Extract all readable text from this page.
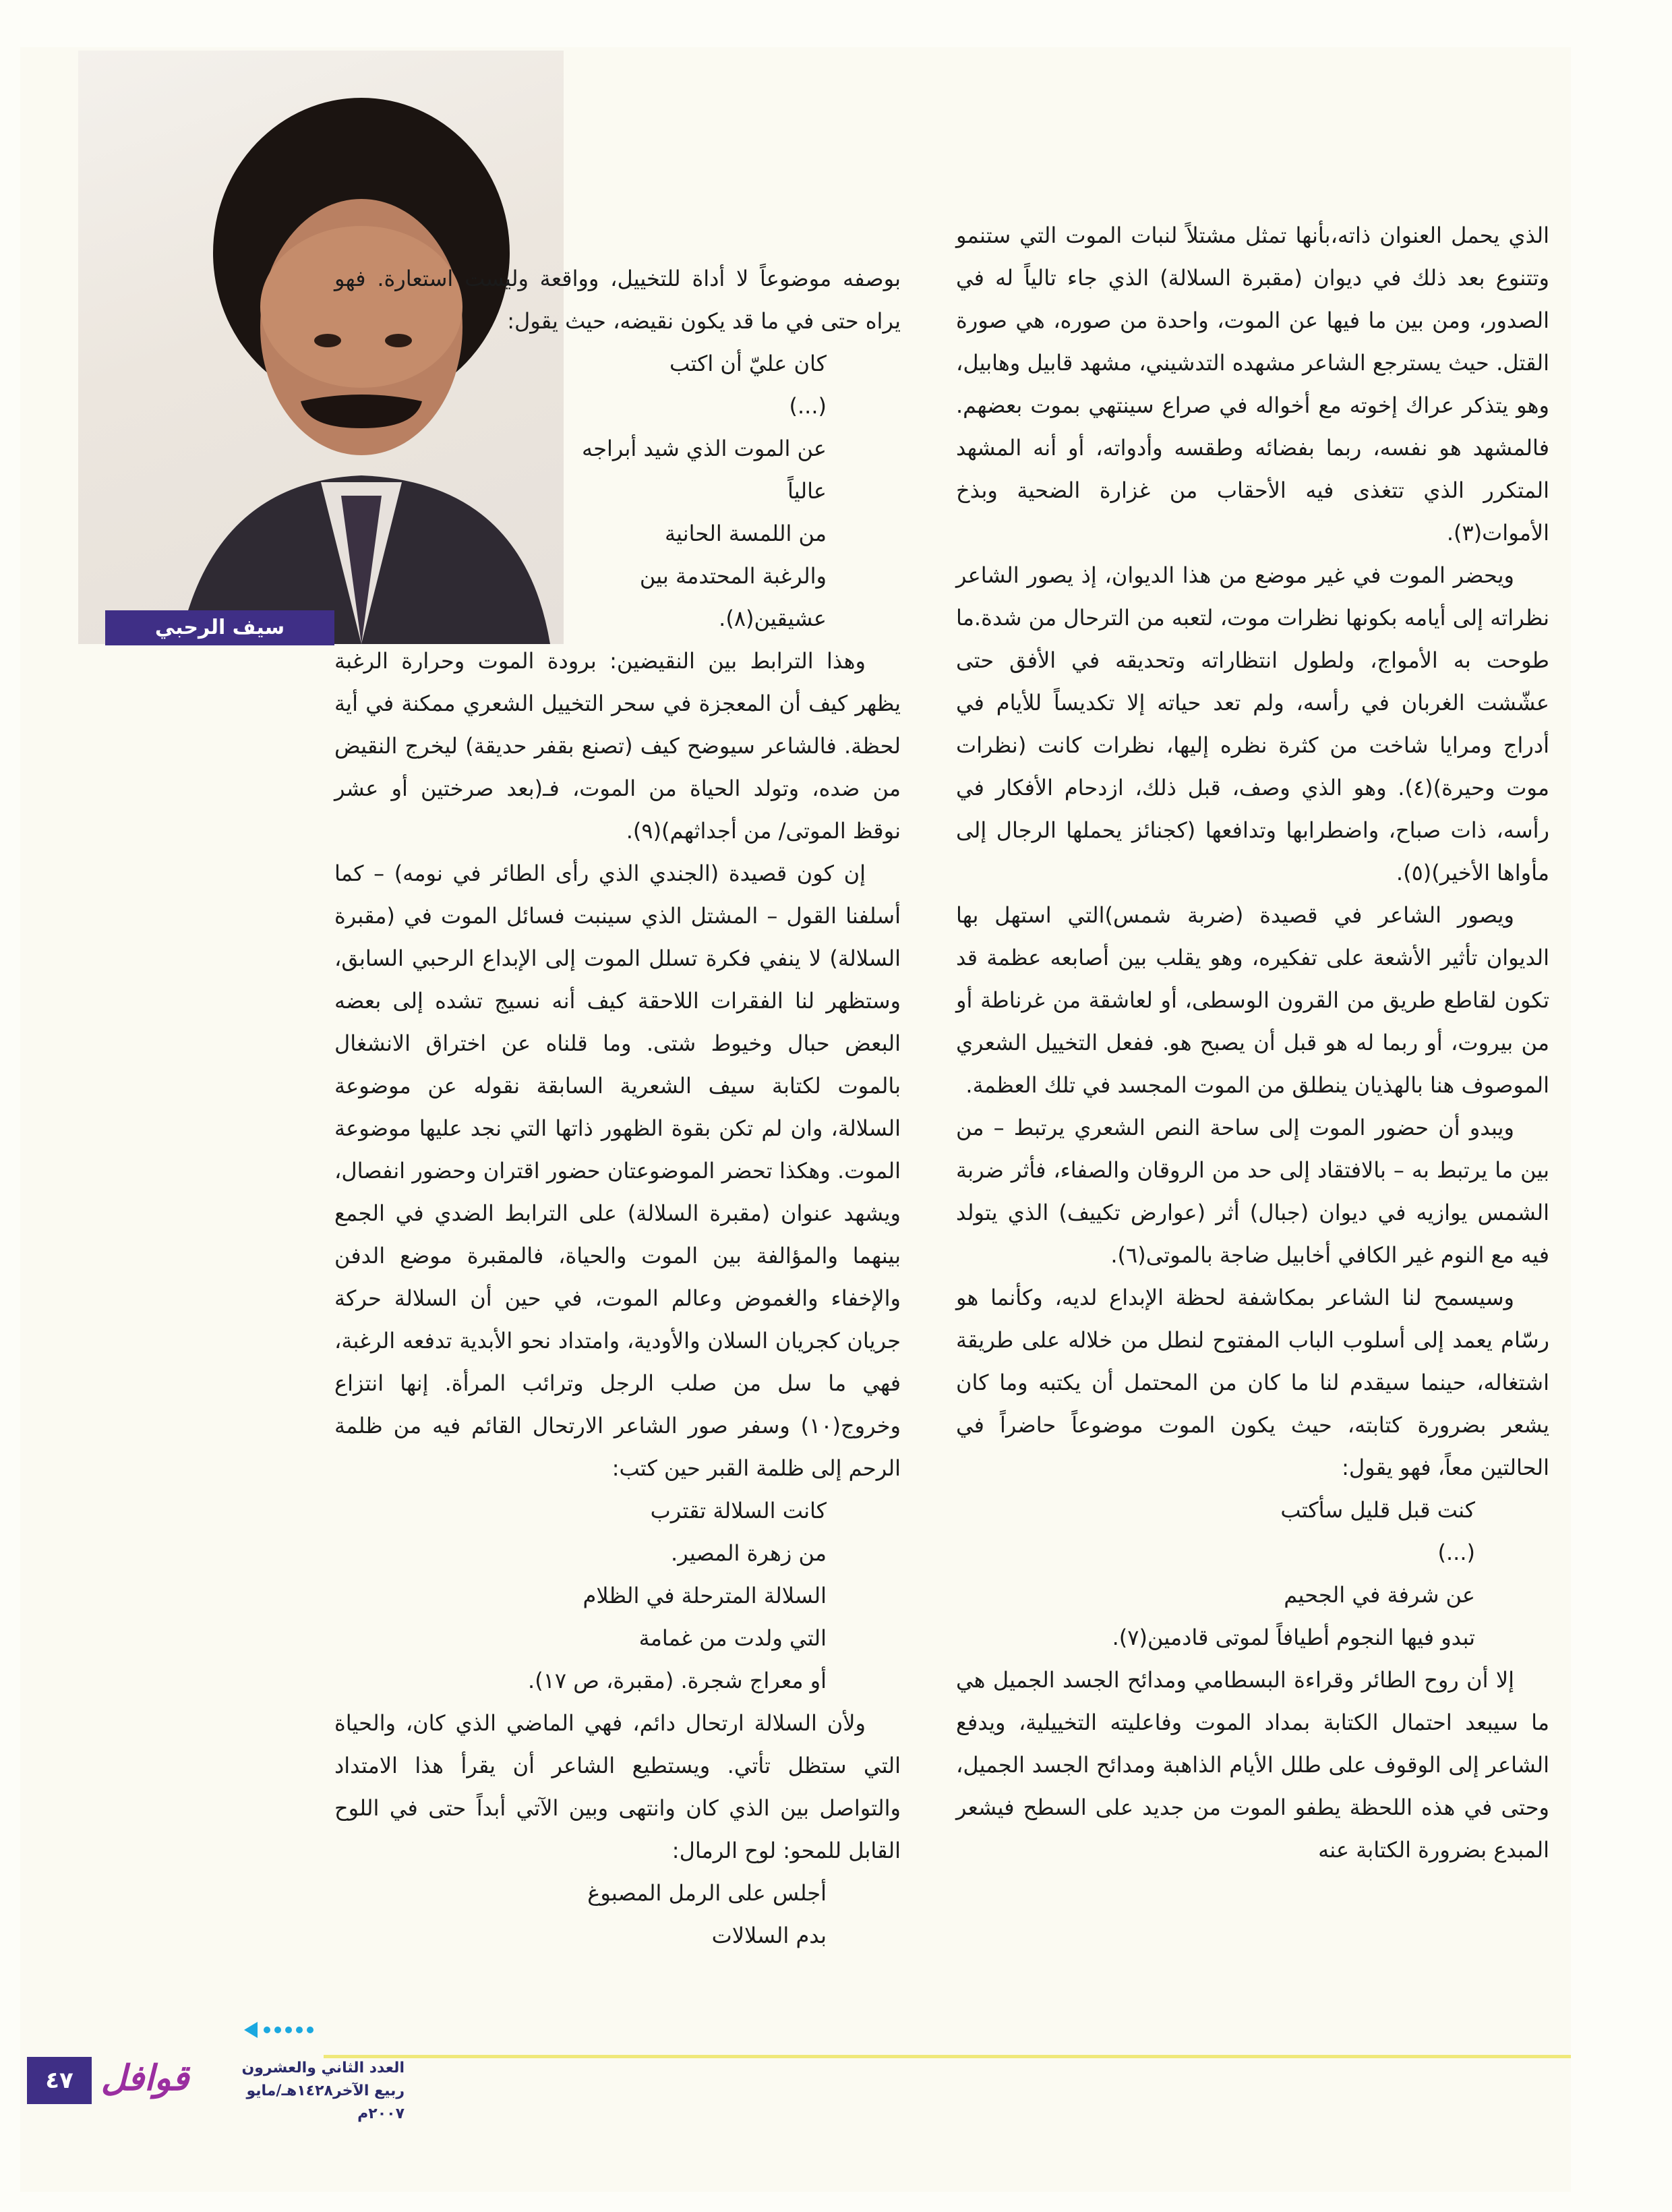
سيف الرحبي

الذي يحمل العنوان ذاته،بأنها تمثل مشتلاً لنبات الموت التي ستنمو وتتنوع بعد ذلك في ديوان (مقبرة السلالة) الذي جاء تالياً له في الصدور، ومن بين ما فيها عن الموت، واحدة من صوره، هي صورة القتل. حيث يسترجع الشاعر مشهده التدشيني، مشهد قابيل وهابيل، وهو يتذكر عراك إخوته مع أخواله في صراع سينتهي بموت بعضهم. فالمشهد هو نفسه، ربما بفضائه وطقسه وأدواته، أو أنه المشهد المتكرر الذي تتغذى فيه الأحقاب من غزارة الضحية وبذخ الأموات(٣).

ويحضر الموت في غير موضع من هذا الديوان، إذ يصور الشاعر نظراته إلى أيامه بكونها نظرات موت، لتعبه من الترحال من شدة.ما طوحت به الأمواج، ولطول انتظاراته وتحديقه في الأفق حتى عشّشت الغربان في رأسه، ولم تعد حياته إلا تكديساً للأيام في أدراج ومرايا شاخت من كثرة نظره إليها، نظرات كانت (نظرات موت وحيرة)(٤). وهو الذي وصف، قبل ذلك، ازدحام الأفكار في رأسه، ذات صباح، واضطرابها وتدافعها (كجنائز يحملها الرجال إلى مأواها الأخير)(٥).

ويصور الشاعر في قصيدة (ضربة شمس)التي استهل بها الديوان تأثير الأشعة على تفكيره، وهو يقلب بين أصابعه عظمة قد تكون لقاطع طريق من القرون الوسطى، أو لعاشقة من غرناطة أو من بيروت، أو ربما له هو قبل أن يصبح هو. ففعل التخييل الشعري الموصوف هنا بالهذيان ينطلق من الموت المجسد في تلك العظمة.

ويبدو أن حضور الموت إلى ساحة النص الشعري يرتبط – من بين ما يرتبط به – بالافتقاد إلى حد من الروقان والصفاء، فأثر ضربة الشمس يوازيه في ديوان (جبال) أثر (عوارض تكييف) الذي يتولد فيه مع النوم غير الكافي أخابيل ضاجة بالموتى(٦).

وسيسمح لنا الشاعر بمكاشفة لحظة الإبداع لديه، وكأنما هو رسّام يعمد إلى أسلوب الباب المفتوح لنطل من خلاله على طريقة اشتغاله، حينما سيقدم لنا ما كان من المحتمل أن يكتبه وما كان يشعر بضرورة كتابته، حيث يكون الموت موضوعاً حاضراً في الحالتين معاً، فهو يقول:

كنت قبل قليل سأكتب

(...)

عن شرفة في الجحيم

تبدو فيها النجوم أطيافاً لموتى قادمين(٧).

إلا أن روح الطائر وقراءة البسطامي ومدائح الجسد الجميل هي ما سيبعد احتمال الكتابة بمداد الموت وفاعليته التخييلية، ويدفع الشاعر إلى الوقوف على طلل الأيام الذاهبة ومدائح الجسد الجميل، وحتى في هذه اللحظة يطفو الموت من جديد على السطح فيشعر المبدع بضرورة الكتابة عنه

بوصفه موضوعاً لا أداة للتخييل، وواقعة وليست استعارة. فهو يراه حتى في ما قد يكون نقيضه، حيث يقول:

كان عليّ أن اكتب

(...)

عن الموت الذي شيد أبراجه

عالياً

من اللمسة الحانية

والرغبة المحتدمة بين

عشيقين(٨).

وهذا الترابط بين النقيضين: برودة الموت وحرارة الرغبة يظهر كيف أن المعجزة في سحر التخييل الشعري ممكنة في أية لحظة. فالشاعر سيوضح كيف (تصنع بقفر حديقة) ليخرج النقيض من ضده، وتولد الحياة من الموت، فـ(بعد صرختين أو عشر نوقظ الموتى/ من أجداثهم)(٩).

إن كون قصيدة (الجندي الذي رأى الطائر في نومه) – كما أسلفنا القول – المشتل الذي سينبت فسائل الموت في (مقبرة السلالة) لا ينفي فكرة تسلل الموت إلى الإبداع الرحبي السابق، وستظهر لنا الفقرات اللاحقة كيف أنه نسيج تشده إلى بعضه البعض حبال وخيوط شتى. وما قلناه عن اختراق الانشغال بالموت لكتابة سيف الشعرية السابقة نقوله عن موضوعة السلالة، وان لم تكن بقوة الظهور ذاتها التي نجد عليها موضوعة الموت. وهكذا تحضر الموضوعتان حضور اقتران وحضور انفصال، ويشهد عنوان (مقبرة السلالة) على الترابط الضدي في الجمع بينهما والمؤالفة بين الموت والحياة، فالمقبرة موضع الدفن والإخفاء والغموض وعالم الموت، في حين أن السلالة حركة جريان كجريان السلان والأودية، وامتداد نحو الأبدية تدفعه الرغبة، فهي ما سل من صلب الرجل وترائب المرأة. إنها انتزاع وخروج(١٠) وسفر صور الشاعر الارتحال القائم فيه من ظلمة الرحم إلى ظلمة القبر حين كتب:

كانت السلالة تقترب

من زهرة المصير.

السلالة المترحلة في الظلام

التي ولدت من غمامة

أو معراج شجرة. (مقبرة، ص ١٧).

ولأن السلالة ارتحال دائم، فهي الماضي الذي كان، والحياة التي ستظل تأتي. ويستطيع الشاعر أن يقرأ هذا الامتداد والتواصل بين الذي كان وانتهى وبين الآتي أبداً حتى في اللوح القابل للمحو: لوح الرمال:

أجلس على الرمل المصبوغ

بدم السلالات

٤٧ قوافل	العدد الثاني والعشرون
ربيع الآخر١٤٢٨هـ/مايو ٢٠٠٧م
